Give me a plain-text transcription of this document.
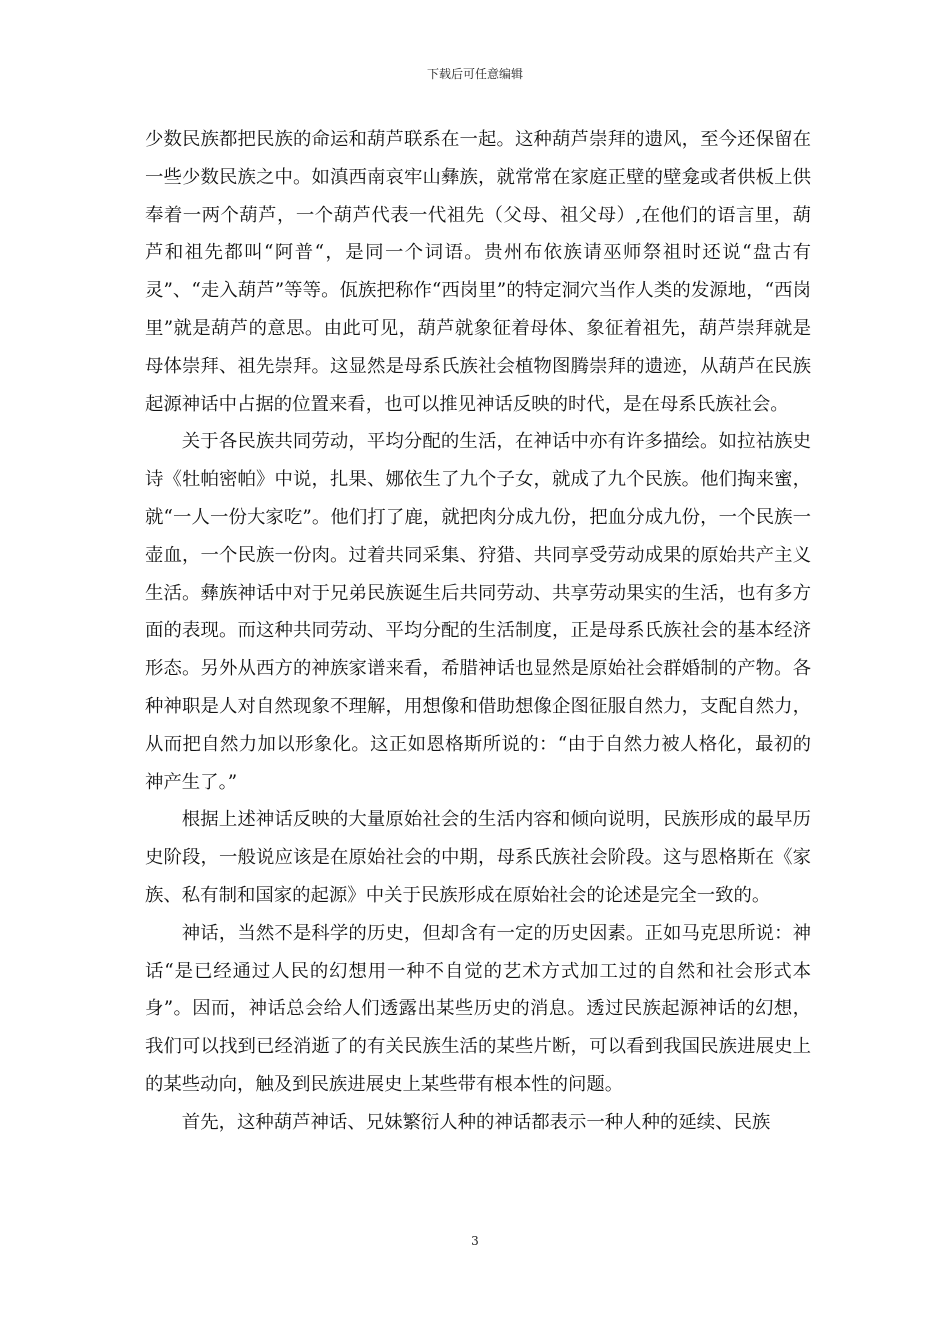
下载后可任意编辑

少数民族都把民族的命运和葫芦联系在一起。这种葫芦崇拜的遗风，至今还保留在一些少数民族之中。如滇西南哀牢山彝族，就常常在家庭正壁的壁龛或者供板上供奉着一两个葫芦，一个葫芦代表一代祖先（父母、祖父母）,在他们的语言里，葫芦和祖先都叫“阿普“，是同一个词语。贵州布依族请巫师祭祖时还说“盘古有灵”、“走入葫芦”等等。佤族把称作“西岗里”的特定洞穴当作人类的发源地，“西岗里”就是葫芦的意思。由此可见，葫芦就象征着母体、象征着祖先，葫芦崇拜就是母体崇拜、祖先崇拜。这显然是母系氏族社会植物图腾崇拜的遗迹，从葫芦在民族起源神话中占据的位置来看，也可以推见神话反映的时代，是在母系氏族社会。

关于各民族共同劳动，平均分配的生活，在神话中亦有许多描绘。如拉祜族史诗《牡帕密帕》中说，扎果、娜依生了九个子女，就成了九个民族。他们掏来蜜，就“一人一份大家吃”。他们打了鹿，就把肉分成九份，把血分成九份，一个民族一壶血，一个民族一份肉。过着共同采集、狩猎、共同享受劳动成果的原始共产主义生活。彝族神话中对于兄弟民族诞生后共同劳动、共享劳动果实的生活，也有多方面的表现。而这种共同劳动、平均分配的生活制度，正是母系氏族社会的基本经济形态。另外从西方的神族家谱来看，希腊神话也显然是原始社会群婚制的产物。各种神职是人对自然现象不理解，用想像和借助想像企图征服自然力，支配自然力，从而把自然力加以形象化。这正如恩格斯所说的：“由于自然力被人格化，最初的神产生了。”

根据上述神话反映的大量原始社会的生活内容和倾向说明，民族形成的最早历史阶段，一般说应该是在原始社会的中期，母系氏族社会阶段。这与恩格斯在《家族、私有制和国家的起源》中关于民族形成在原始社会的论述是完全一致的。

神话，当然不是科学的历史，但却含有一定的历史因素。正如马克思所说：神话“是已经通过人民的幻想用一种不自觉的艺术方式加工过的自然和社会形式本身”。因而，神话总会给人们透露出某些历史的消息。透过民族起源神话的幻想，我们可以找到已经消逝了的有关民族生活的某些片断，可以看到我国民族进展史上的某些动向，触及到民族进展史上某些带有根本性的问题。

首先，这种葫芦神话、兄妹繁衍人种的神话都表示一种人种的延续、民族

3
